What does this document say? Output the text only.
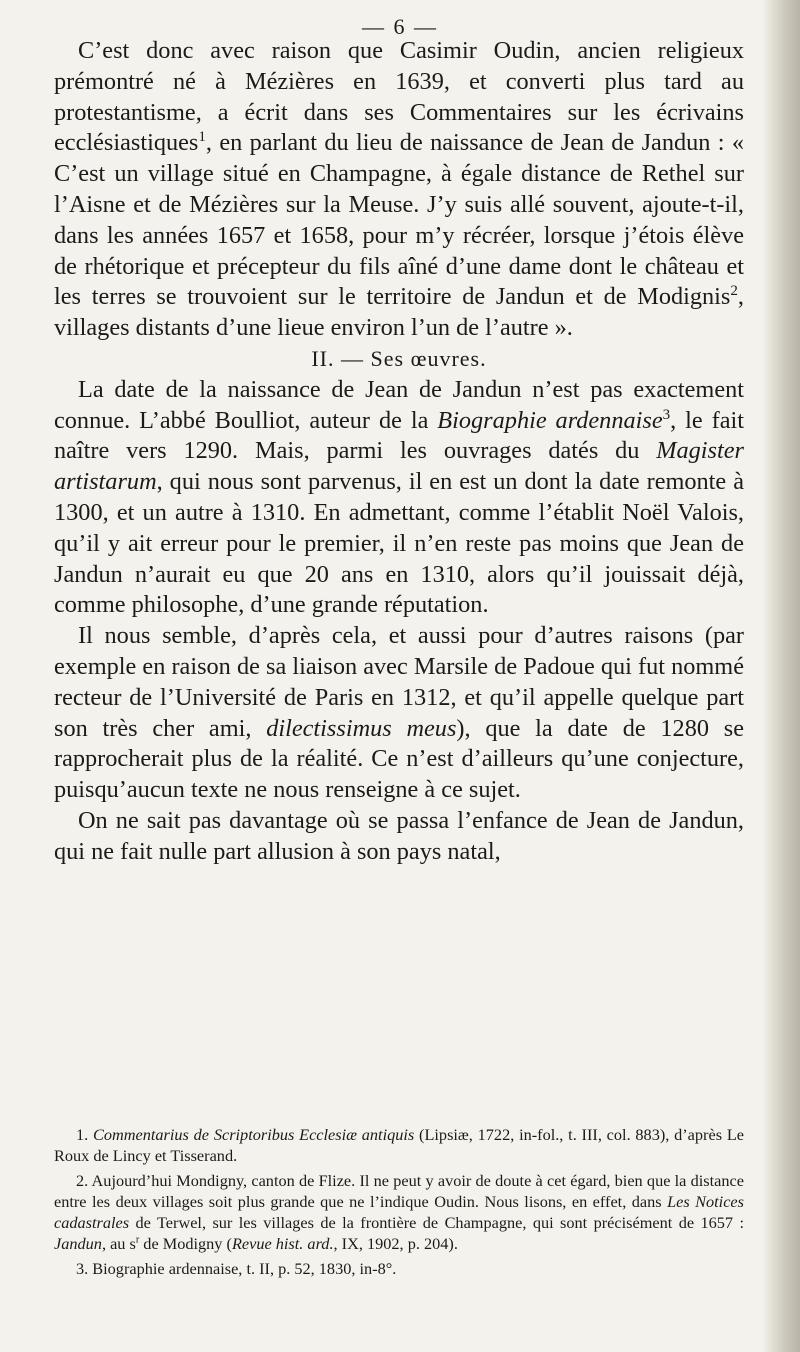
— 6 —

C’est donc avec raison que Casimir Oudin, ancien religieux prémontré né à Mézières en 1639, et converti plus tard au protestantisme, a écrit dans ses Commentaires sur les écrivains ecclésiastiques$^1$, en parlant du lieu de naissance de Jean de Jandun : « C’est un village situé en Champagne, à égale distance de Rethel sur l’Aisne et de Mézières sur la Meuse. J’y suis allé souvent, ajoute-t-il, dans les années 1657 et 1658, pour m’y récréer, lorsque j’étois élève de rhétorique et précepteur du fils aîné d’une dame dont le château et les terres se trouvoient sur le territoire de Jandun et de Modignis$^2$, villages distants d’une lieue environ l’un de l’autre ».

II. — Ses œuvres.

La date de la naissance de Jean de Jandun n’est pas exactement connue. L’abbé Boulliot, auteur de la Biographie ardennaise$^3$, le fait naître vers 1290. Mais, parmi les ouvrages datés du Magister artistarum, qui nous sont parvenus, il en est un dont la date remonte à 1300, et un autre à 1310. En admettant, comme l’établit Noël Valois, qu’il y ait erreur pour le premier, il n’en reste pas moins que Jean de Jandun n’aurait eu que 20 ans en 1310, alors qu’il jouissait déjà, comme philosophe, d’une grande réputation.

Il nous semble, d’après cela, et aussi pour d’autres raisons (par exemple en raison de sa liaison avec Marsile de Padoue qui fut nommé recteur de l’Université de Paris en 1312, et qu’il appelle quelque part son très cher ami, dilectissimus meus), que la date de 1280 se rapprocherait plus de la réalité. Ce n’est d’ailleurs qu’une conjecture, puisqu’aucun texte ne nous renseigne à ce sujet.

On ne sait pas davantage où se passa l’enfance de Jean de Jandun, qui ne fait nulle part allusion à son pays natal,

1. Commentarius de Scriptoribus Ecclesiæ antiquis (Lipsiæ, 1722, in-fol., t. III, col. 883), d’après Le Roux de Lincy et Tisserand.

2. Aujourd’hui Mondigny, canton de Flize. Il ne peut y avoir de doute à cet égard, bien que la distance entre les deux villages soit plus grande que ne l’indique Oudin. Nous lisons, en effet, dans Les Notices cadastrales de Terwel, sur les villages de la frontière de Champagne, qui sont précisément de 1657 : Jandun, au $s^r$ de Modigny (Revue hist. ard., IX, 1902, p. 204).

3. Biographie ardennaise, t. II, p. 52, 1830, in-8°.
